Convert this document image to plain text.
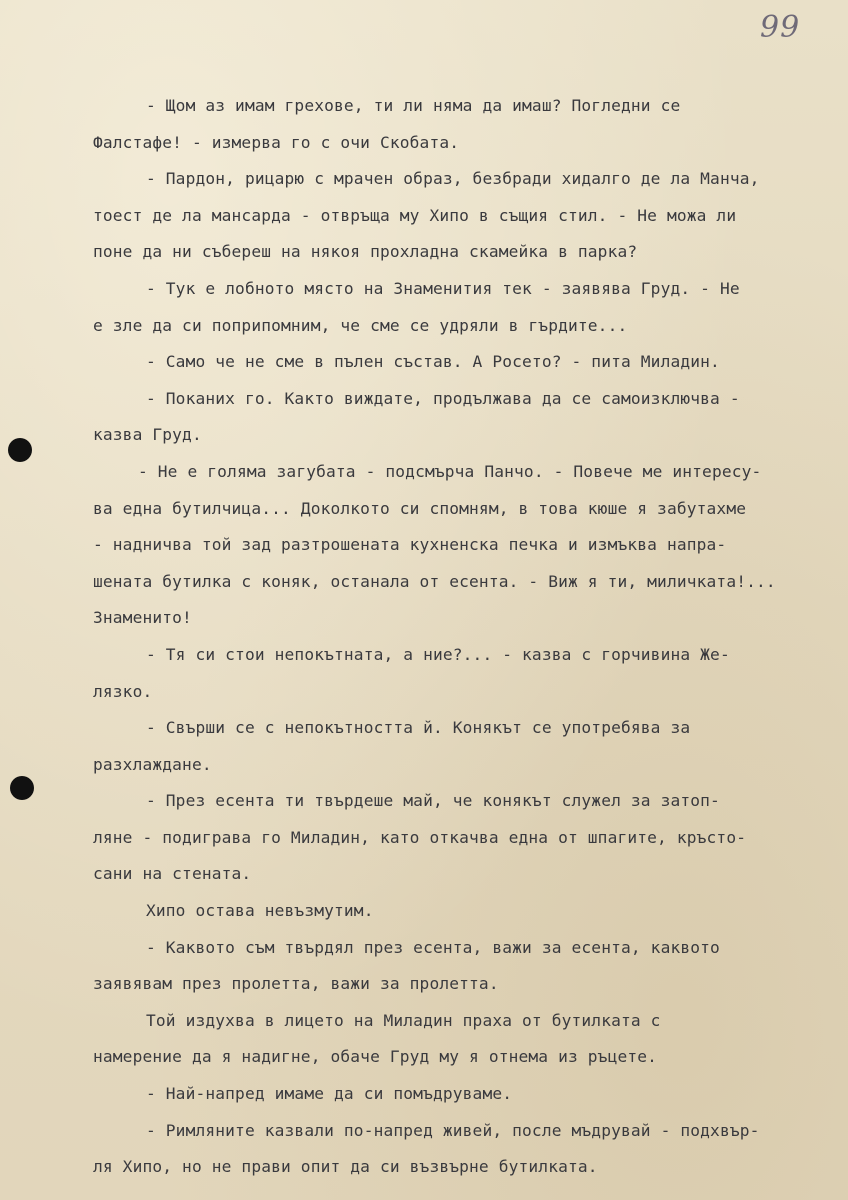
99

- Щом аз имам грехове, ти ли няма да имаш? Погледни се
Фалстафе! - измерва го с очи Скобата.
- Пардон, рицарю с мрачен образ, безбради хидалго де ла Манча,
тоест де ла мансарда - отвръща му Хипо в същия стил. - Не можа ли
поне да ни събереш на някоя прохладна скамейка в парка?
- Тук е лобното място на Знаменития тек - заявява Груд. - Не
е зле да си поприпомним, че сме се удряли в гърдите...
- Само че не сме в пълен състав. А Росето? - пита Миладин.
- Поканих го. Както виждате, продължава да се самоизключва -
казва Груд.
- Не е голяма загубата - подсмърча Панчо. - Повече ме интересу-
ва една бутилчица... Доколкото си спомням, в това кюше я забутахме
- надничва той зад разтрошената кухненска печка и измъква напра-
шената бутилка с коняк, останала от есента. - Виж я ти, миличката!...
Знаменито!
- Тя си стои непокътната, а ние?... - казва с горчивина Же-
лязко.
- Свърши се с непокътността й. Конякът се употребява за
разхлаждане.
- През есента ти твърдеше май, че конякът служел за затоп-
ляне - подиграва го Миладин, като откачва една от шпагите, кръсто-
сани на стената.
Хипо остава невъзмутим.
- Каквото съм твърдял през есента, важи за есента, каквото
заявявам през пролетта, важи за пролетта.
Той издухва в лицето на Миладин праха от бутилката с
намерение да я надигне, обаче Груд му я отнема из ръцете.
- Най-напред имаме да си помъдруваме.
- Римляните казвали по-напред живей, после мъдрувай - подхвър-
ля Хипо, но не прави опит да си възвърне бутилката.
